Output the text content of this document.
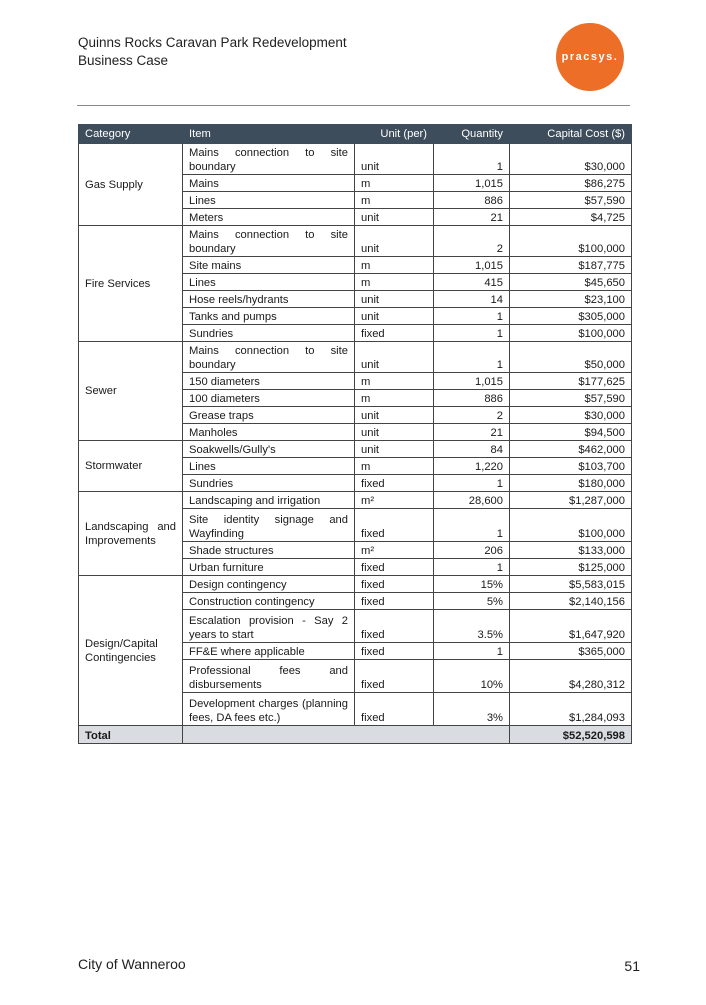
Quinns Rocks Caravan Park Redevelopment
Business Case	pracsys.
Category	Item	Unit (per)	Quantity	Capital Cost ($)
Gas Supply	Mains connection to site boundary	unit	1	$30,000
	Mains	m	1,015	$86,275
	Lines	m	886	$57,590
	Meters	unit	21	$4,725
Fire Services	Mains connection to site boundary	unit	2	$100,000
	Site mains	m	1,015	$187,775
	Lines	m	415	$45,650
	Hose reels/hydrants	unit	14	$23,100
	Tanks and pumps	unit	1	$305,000
	Sundries	fixed	1	$100,000
Sewer	Mains connection to site boundary	unit	1	$50,000
	150 diameters	m	1,015	$177,625
	100 diameters	m	886	$57,590
	Grease traps	unit	2	$30,000
	Manholes	unit	21	$94,500
Stormwater	Soakwells/Gully's	unit	84	$462,000
	Lines	m	1,220	$103,700
	Sundries	fixed	1	$180,000
Landscaping and Improvements	Landscaping and irrigation	m²	28,600	$1,287,000
	Site identity signage and Wayfinding	fixed	1	$100,000
	Shade structures	m²	206	$133,000
	Urban furniture	fixed	1	$125,000
Design/Capital Contingencies	Design contingency	fixed	15%	$5,583,015
	Construction contingency	fixed	5%	$2,140,156
	Escalation provision - Say 2 years to start	fixed	3.5%	$1,647,920
	FF&E where applicable	fixed	1	$365,000
	Professional fees and disbursements	fixed	10%	$4,280,312
	Development charges (planning fees, DA fees etc.)	fixed	3%	$1,284,093
Total				$52,520,598
City of Wanneroo	51
